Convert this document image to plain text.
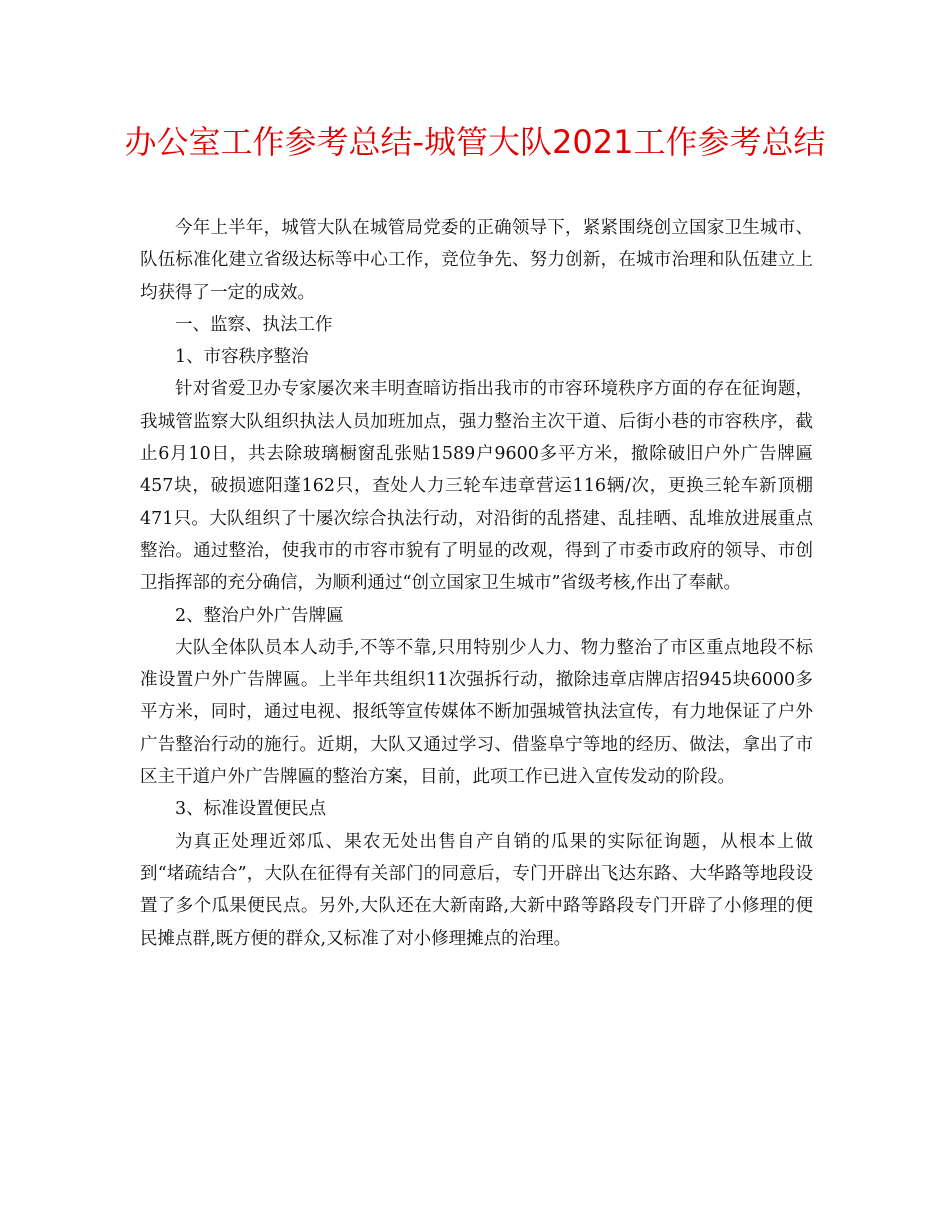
办公室工作参考总结-城管大队2021工作参考总结

今年上半年，城管大队在城管局党委的正确领导下，紧紧围绕创立国家卫生城市、队伍标准化建立省级达标等中心工作，竞位争先、努力创新，在城市治理和队伍建立上均获得了一定的成效。

一、监察、执法工作

1、市容秩序整治

针对省爱卫办专家屡次来丰明查暗访指出我市的市容环境秩序方面的存在征询题，我城管监察大队组织执法人员加班加点，强力整治主次干道、后街小巷的市容秩序，截止6月10日，共去除玻璃橱窗乱张贴1589户9600多平方米，撤除破旧户外广告牌匾457块，破损遮阳蓬162只，查处人力三轮车违章营运116辆/次，更换三轮车新顶棚471只。大队组织了十屡次综合执法行动，对沿街的乱搭建、乱挂晒、乱堆放进展重点整治。通过整治，使我市的市容市貌有了明显的改观，得到了市委市政府的领导、市创卫指挥部的充分确信，为顺利通过“创立国家卫生城市”省级考核,作出了奉献。

2、整治户外广告牌匾

大队全体队员本人动手,不等不靠,只用特别少人力、物力整治了市区重点地段不标准设置户外广告牌匾。上半年共组织11次强拆行动，撤除违章店牌店招945块6000多平方米，同时，通过电视、报纸等宣传媒体不断加强城管执法宣传，有力地保证了户外广告整治行动的施行。近期，大队又通过学习、借鉴阜宁等地的经历、做法，拿出了市区主干道户外广告牌匾的整治方案，目前，此项工作已进入宣传发动的阶段。

3、标准设置便民点

为真正处理近郊瓜、果农无处出售自产自销的瓜果的实际征询题，从根本上做到“堵疏结合”，大队在征得有关部门的同意后，专门开辟出飞达东路、大华路等地段设置了多个瓜果便民点。另外,大队还在大新南路,大新中路等路段专门开辟了小修理的便民摊点群,既方便的群众,又标准了对小修理摊点的治理。
